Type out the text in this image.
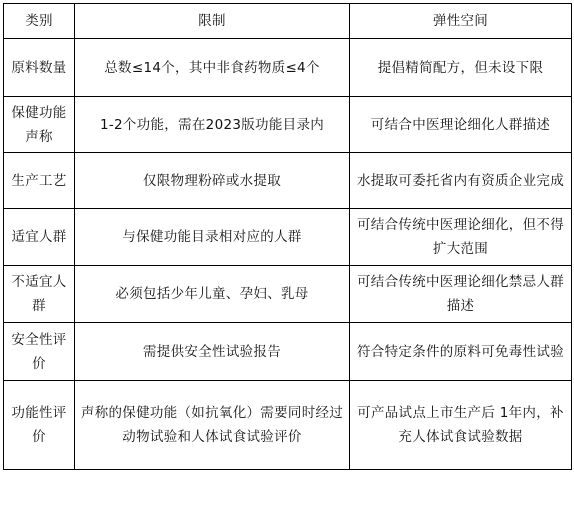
类别	限制	弹性空间
原料数量	总数≤14个，其中非食药物质≤4个	提倡精简配方，但未设下限
保健功能声称	1-2个功能，需在2023版功能目录内	可结合中医理论细化人群描述
生产工艺	仅限物理粉碎或水提取	水提取可委托省内有资质企业完成
适宜人群	与保健功能目录相对应的人群	可结合传统中医理论细化，但不得扩大范围
不适宜人群	必须包括少年儿童、孕妇、乳母	可结合传统中医理论细化禁忌人群描述
安全性评价	需提供安全性试验报告	符合特定条件的原料可免毒性试验
功能性评价	声称的保健功能（如抗氧化）需要同时经过动物试验和人体试食试验评价	可产品试点上市生产后 1年内，补充人体试食试验数据
